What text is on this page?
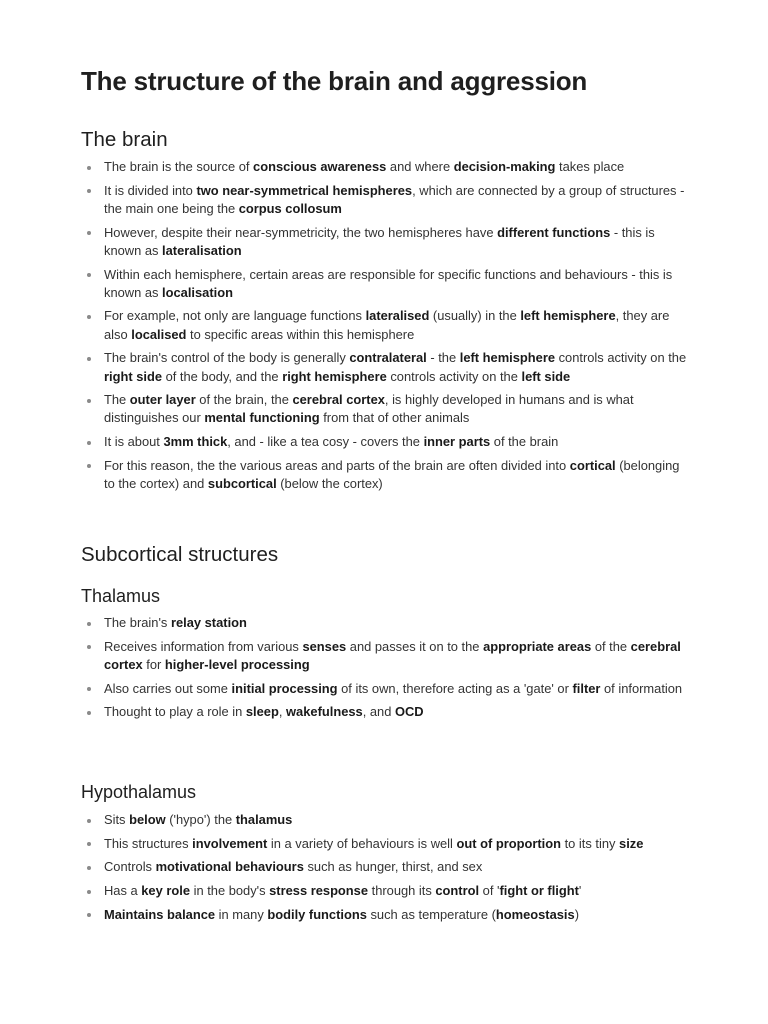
The structure of the brain and aggression
The brain
The brain is the source of conscious awareness and where decision-making takes place
It is divided into two near-symmetrical hemispheres, which are connected by a group of structures - the main one being the corpus collosum
However, despite their near-symmetricity, the two hemispheres have different functions - this is known as lateralisation
Within each hemisphere, certain areas are responsible for specific functions and behaviours - this is known as localisation
For example, not only are language functions lateralised (usually) in the left hemisphere, they are also localised to specific areas within this hemisphere
The brain's control of the body is generally contralateral - the left hemisphere controls activity on the right side of the body, and the right hemisphere controls activity on the left side
The outer layer of the brain, the cerebral cortex, is highly developed in humans and is what distinguishes our mental functioning from that of other animals
It is about 3mm thick, and - like a tea cosy - covers the inner parts of the brain
For this reason, the the various areas and parts of the brain are often divided into cortical (belonging to the cortex) and subcortical (below the cortex)
Subcortical structures
Thalamus
The brain's relay station
Receives information from various senses and passes it on to the appropriate areas of the cerebral cortex for higher-level processing
Also carries out some initial processing of its own, therefore acting as a 'gate' or filter of information
Thought to play a role in sleep, wakefulness, and OCD
Hypothalamus
Sits below ('hypo') the thalamus
This structures involvement in a variety of behaviours is well out of proportion to its tiny size
Controls motivational behaviours such as hunger, thirst, and sex
Has a key role in the body's stress response through its control of 'fight or flight'
Maintains balance in many bodily functions such as temperature (homeostasis)
